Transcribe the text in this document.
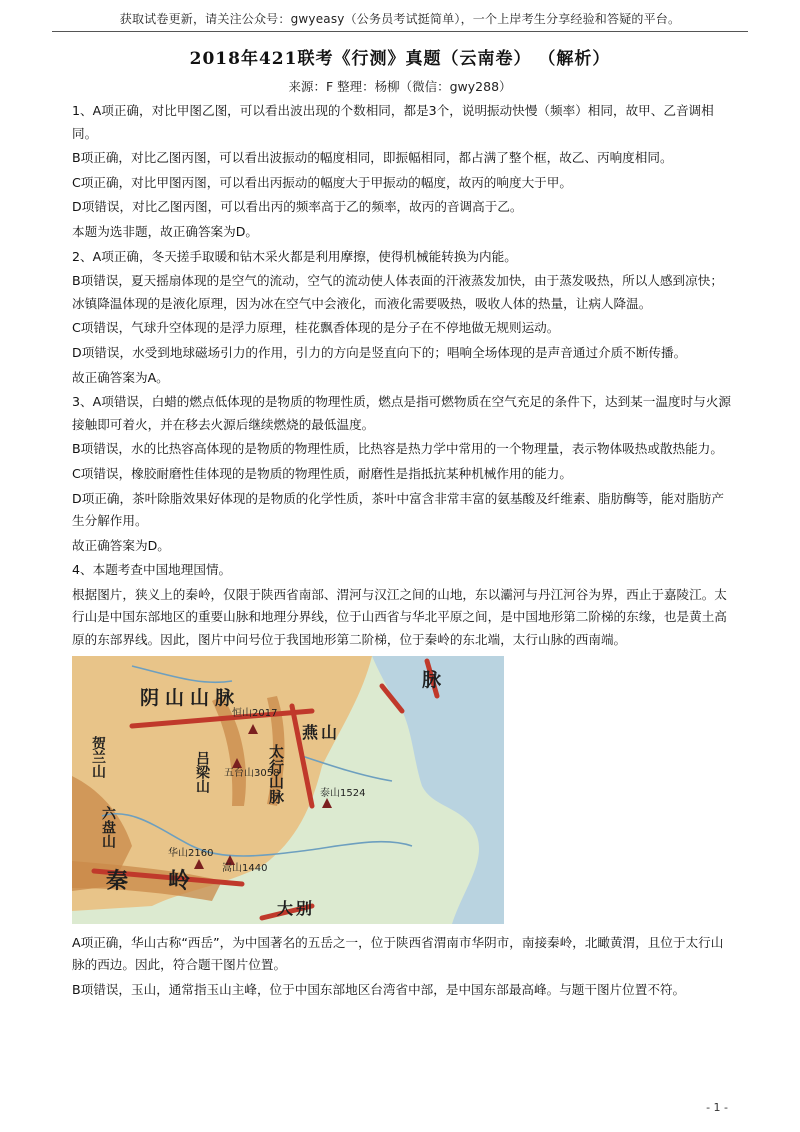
获取试卷更新，请关注公众号：gwyeasy（公务员考试挺简单），一个上岸考生分享经验和答疑的平台。
2018年421联考《行测》真题（云南卷） （解析）
来源：F 整理：杨柳（微信：gwy288）

1、A项正确，对比甲图乙图，可以看出波出现的个数相同，都是3个，说明振动快慢（频率）相同，故甲、乙音调相同。

B项正确，对比乙图丙图，可以看出波振动的幅度相同，即振幅相同，都占满了整个框，故乙、丙响度相同。

C项正确，对比甲图丙图，可以看出丙振动的幅度大于甲振动的幅度，故丙的响度大于甲。

D项错误，对比乙图丙图，可以看出丙的频率高于乙的频率，故丙的音调高于乙。

本题为选非题，故正确答案为D。

2、A项正确，冬天搓手取暖和钻木采火都是利用摩擦，使得机械能转换为内能。

B项错误，夏天摇扇体现的是空气的流动，空气的流动使人体表面的汗液蒸发加快，由于蒸发吸热，所以人感到凉快；冰镇降温体现的是液化原理，因为冰在空气中会液化，而液化需要吸热，吸收人体的热量，让病人降温。

C项错误，气球升空体现的是浮力原理，桂花飘香体现的是分子在不停地做无规则运动。

D项错误，水受到地球磁场引力的作用，引力的方向是竖直向下的；唱响全场体现的是声音通过介质不断传播。

故正确答案为A。

3、A项错误，白蜡的燃点低体现的是物质的物理性质，燃点是指可燃物质在空气充足的条件下，达到某一温度时与火源接触即可着火，并在移去火源后继续燃烧的最低温度。

B项错误，水的比热容高体现的是物质的物理性质，比热容是热力学中常用的一个物理量，表示物体吸热或散热能力。

C项错误，橡胶耐磨性佳体现的是物质的物理性质，耐磨性是指抵抗某种机械作用的能力。

D项正确，茶叶除脂效果好体现的是物质的化学性质，茶叶中富含非常丰富的氨基酸及纤维素、脂肪酶等，能对脂肪产生分解作用。

故正确答案为D。

4、本题考查中国地理国情。

根据图片，狭义上的秦岭，仅限于陕西省南部、渭河与汉江之间的山地，东以灞河与丹江河谷为界，西止于嘉陵江。太行山是中国东部地区的重要山脉和地理分界线，位于山西省与华北平原之间，是中国地形第二阶梯的东缘，也是黄土高原的东部界线。因此，图片中问号位于我国地形第二阶梯，位于秦岭的东北端，太行山脉的西南端。

阴山山脉
脉
恒山2017
燕山
太行山脉
贺兰山	吕梁山 五台山3058
泰山1524
六盘山
华山2160
嵩山1440
秦岭
大别

A项正确，华山古称“西岳”，为中国著名的五岳之一，位于陕西省渭南市华阴市，南接秦岭，北瞰黄渭，且位于太行山脉的西边。因此，符合题干图片位置。

B项错误，玉山，通常指玉山主峰，位于中国东部地区台湾省中部，是中国东部最高峰。与题干图片位置不符。

- 1 -
